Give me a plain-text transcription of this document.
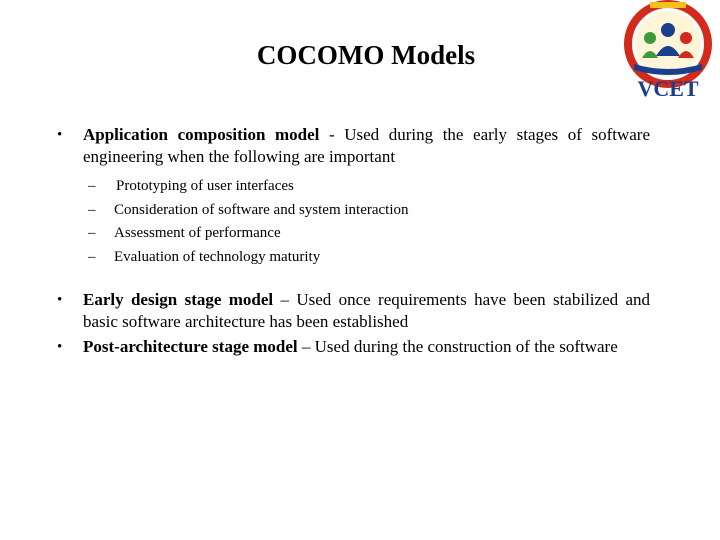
COCOMO Models
VCET
•	Application composition model - Used during the early stages of software engineering when the following are important
–	Prototyping of user interfaces
–	Consideration of software and system interaction
–	Assessment of performance
–	Evaluation of technology maturity
•	Early design stage model – Used once requirements have been stabilized and basic software architecture has been established
•	Post-architecture stage model – Used during the construction of the software
